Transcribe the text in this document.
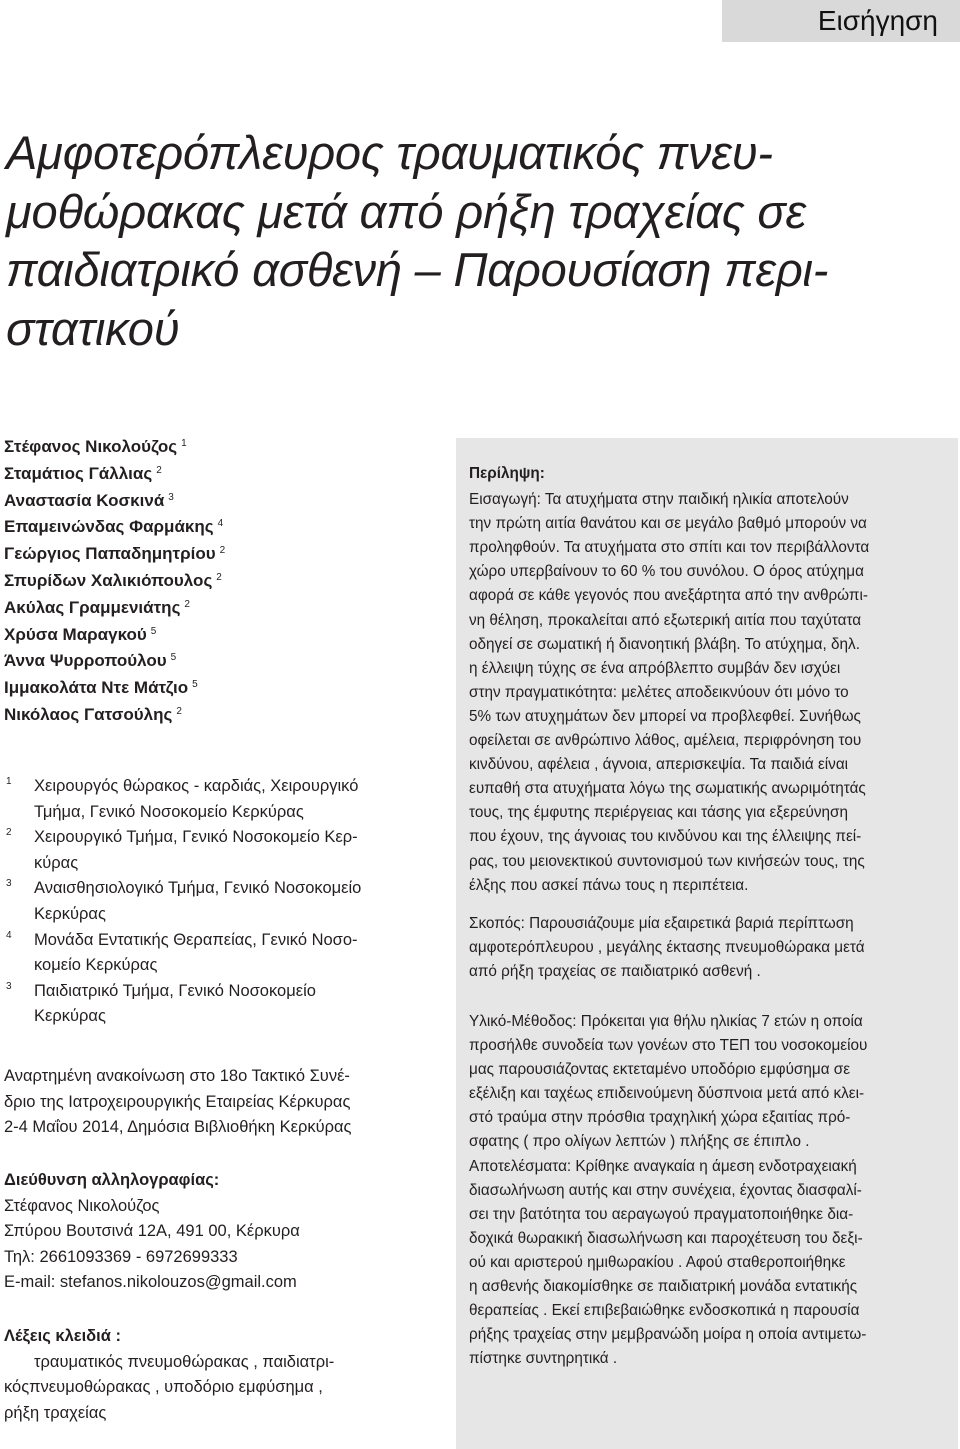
Εισήγηση
Αμφοτερόπλευρος τραυματικός πνευ-
μοθώρακας μετά από ρήξη τραχείας σε
παιδιατρικό ασθενή – Παρουσίαση περι-
στατικού
Στέφανος Νικολούζος $^1$
Σταμάτιος Γάλλιας $^2$
Αναστασία Κοσκινά $^3$
Επαμεινώνδας Φαρμάκης $^4$
Γεώργιος Παπαδημητρίου $^2$
Σπυρίδων Χαλικιόπουλος $^2$
Ακύλας Γραμμενιάτης $^2$
Χρύσα Μαραγκού $^5$
Άννα Ψυρροπούλου $^5$
Ιμμακολάτα Ντε Μάτζιο $^5$
Νικόλαος Γατσούλης $^2$
1 Χειρουργός θώρακος - καρδιάς, Χειρουργικό
Τμήμα, Γενικό Νοσοκομείο Κερκύρας
2 Χειρουργικό Τμήμα, Γενικό Νοσοκομείο Κερ-
κύρας
3 Αναισθησιολογικό Τμήμα, Γενικό Νοσοκομείο
Κερκύρας
4 Μονάδα Εντατικής Θεραπείας, Γενικό Νοσο-
κομείο Κερκύρας
3 Παιδιατρικό Τμήμα, Γενικό Νοσοκομείο
Κερκύρας
Αναρτημένη ανακοίνωση στο 18ο Τακτικό Συνέ-
δριο της Ιατροχειρουργικής Εταιρείας Κέρκυρας
2-4 Μαΐου 2014, Δημόσια Βιβλιοθήκη Κερκύρας
Διεύθυνση αλληλογραφίας:
Στέφανος Νικολούζος
Σπύρου Βουτσινά 12Α, 491 00, Κέρκυρα
Τηλ: 2661093369 - 6972699333
E-mail: stefanos.nikolouzos@gmail.com
Λέξεις κλειδιά :
τραυματικός πνευμοθώρακας , παιδιατρι-
κόςπνευμοθώρακας , υποδόριο εμφύσημα ,
ρήξη τραχείας
Περίληψη:
Εισαγωγή: Τα ατυχήματα στην παιδική ηλικία αποτελούν
την πρώτη αιτία θανάτου και σε μεγάλο βαθμό μπορούν να
προληφθούν. Τα ατυχήματα στο σπίτι και τον περιβάλλοντα
χώρο υπερβαίνουν το 60 % του συνόλου. Ο όρος ατύχημα
αφορά σε κάθε γεγονός που ανεξάρτητα από την ανθρώπι-
νη θέληση, προκαλείται από εξωτερική αιτία που ταχύτατα
οδηγεί σε σωματική ή διανοητική βλάβη. Το ατύχημα, δηλ.
η έλλειψη τύχης σε ένα απρόβλεπτο συμβάν δεν ισχύει
στην πραγματικότητα: μελέτες αποδεικνύουν ότι μόνο το
5% των ατυχημάτων δεν μπορεί να προβλεφθεί. Συνήθως
οφείλεται σε ανθρώπινο λάθος, αμέλεια, περιφρόνηση του
κινδύνου, αφέλεια , άγνοια, απερισκεψία. Τα παιδιά είναι
ευπαθή στα ατυχήματα λόγω της σωματικής ανωριμότητάς
τους, της έμφυτης περιέργειας και τάσης για εξερεύνηση
που έχουν, της άγνοιας του κινδύνου και της έλλειψης πεί-
ρας, του μειονεκτικού συντονισμού των κινήσεών τους, της
έλξης που ασκεί πάνω τους η περιπέτεια.
Σκοπός: Παρουσιάζουμε μία εξαιρετικά βαριά περίπτωση
αμφοτερόπλευρου , μεγάλης έκτασης πνευμοθώρακα μετά
από ρήξη τραχείας σε παιδιατρικό ασθενή .
Υλικό-Μέθοδος: Πρόκειται για θήλυ ηλικίας 7 ετών η οποία
προσήλθε συνοδεία των γονέων στο ΤΕΠ του νοσοκομείου
μας παρουσιάζοντας εκτεταμένο υποδόριο εμφύσημα σε
εξέλιξη και ταχέως επιδεινούμενη δύσπνοια μετά από κλει-
στό τραύμα στην πρόσθια τραχηλική χώρα εξαιτίας πρό-
σφατης ( προ ολίγων λεπτών ) πλήξης σε έπιπλο .
Αποτελέσματα: Κρίθηκε αναγκαία η άμεση ενδοτραχειακή
διασωλήνωση αυτής και στην συνέχεια, έχοντας διασφαλί-
σει την βατότητα του αεραγωγού πραγματοποιήθηκε δια-
δοχικά θωρακική διασωλήνωση και παροχέτευση του δεξι-
ού και αριστερού ημιθωρακίου . Αφού σταθεροποιήθηκε
η ασθενής διακομίσθηκε σε παιδιατρική μονάδα εντατικής
θεραπείας . Εκεί επιβεβαιώθηκε ενδοσκοπικά η παρουσία
ρήξης τραχείας στην μεμβρανώδη μοίρα η οποία αντιμετω-
πίστηκε συντηρητικά .
